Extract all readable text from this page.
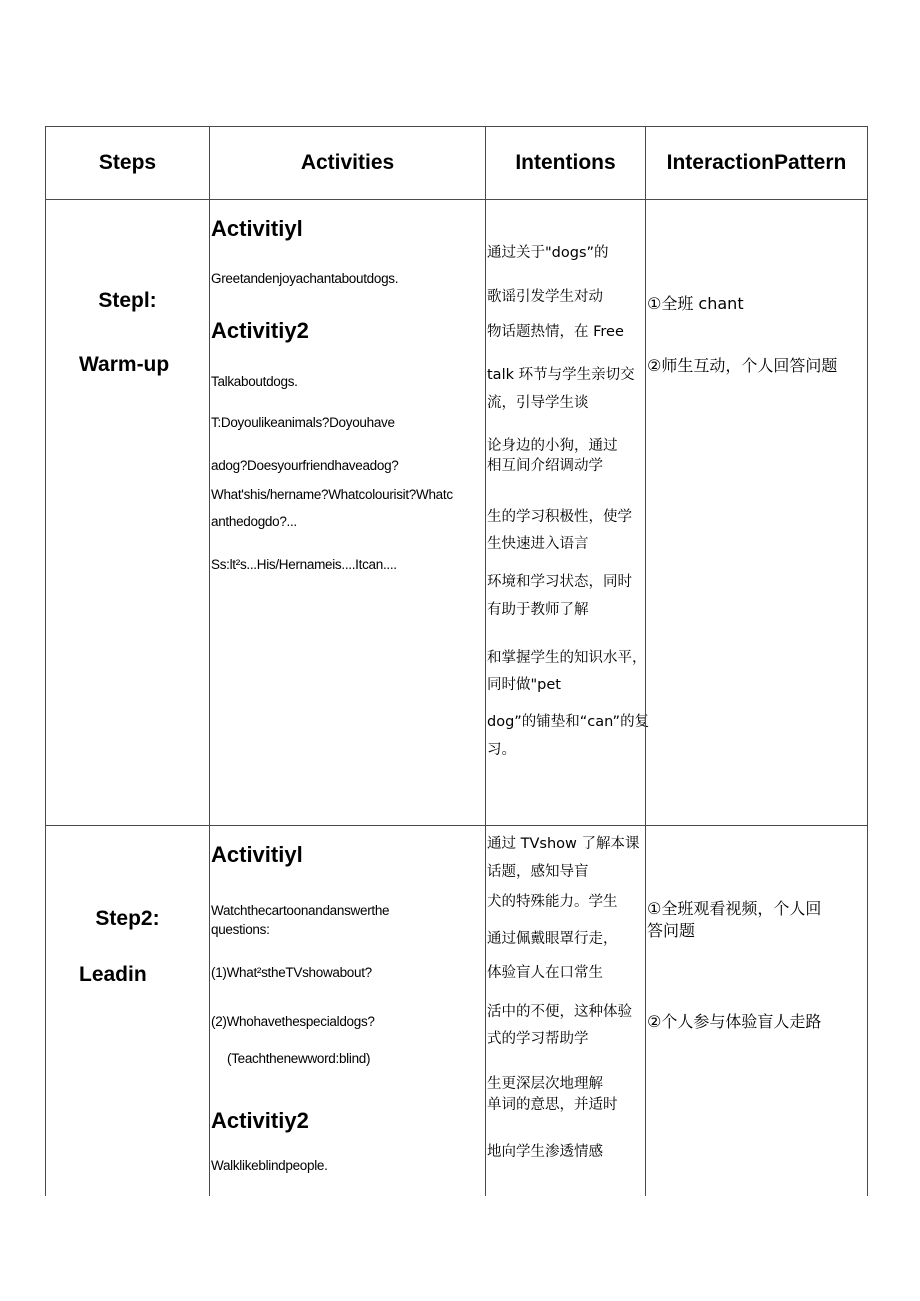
Steps	Activities	Intentions InteractionPattern
Stepl:
Warm-up
Activitiyl
Greetandenjoyachantaboutdogs.
Activitiy2
Talkaboutdogs.
T:Doyoulikeanimals?Doyouhave
adog?Doesyourfriendhaveadog?
What'shis/hername?Whatcolourisit?Whatc
anthedogdo?...
Ss:lt²s...His/Hernameis....Itcan....
通过关于"dogs”的
歌谣引发学生对动
物话题热情，在 Free
talk 环节与学生亲切交
流，引导学生谈
论身边的小狗，通过
相互间介绍调动学
生的学习积极性，使学
生快速进入语言
环境和学习状态，同时
有助于教师了解
和掌握学生的知识水平，
同时做"pet
dog”的铺垫和“can”的复
习。
①全班 chant
②师生互动，个人回答问题
Step2:
Leadin
Activitiyl
Watchthecartoonandanswerthe
questions:
(1)What²stheTVshowabout?
(2)Whohavethespecialdogs?
(Teachthenewword:blind)
Activitiy2
Walklikeblindpeople.
通过 TVshow 了解本课
话题，感知导盲
犬的特殊能力。学生
通过佩戴眼罩行走，
体验盲人在口常生
活中的不便，这种体验
式的学习帮助学
生更深层次地理解
单词的意思，并适时
地向学生渗透情感
①全班观看视频，个人回
答问题
②个人参与体验盲人走路
